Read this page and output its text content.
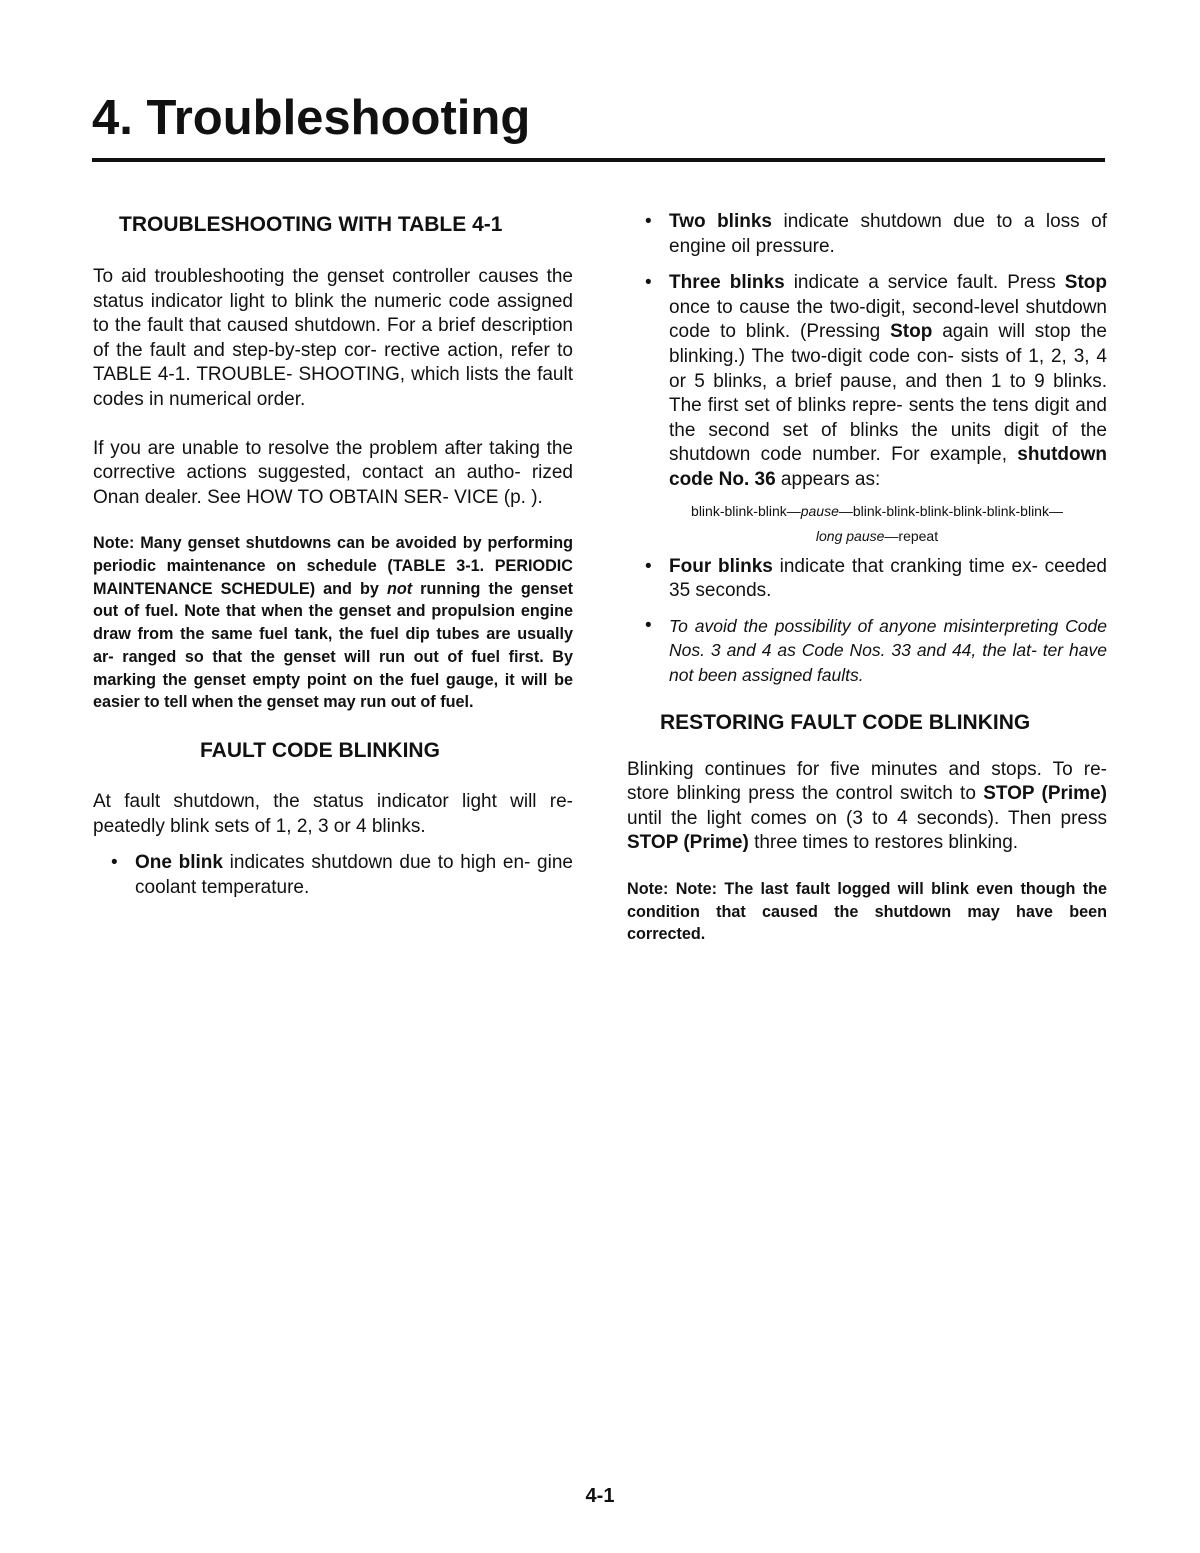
4. Troubleshooting
TROUBLESHOOTING WITH TABLE 4-1

To aid troubleshooting the genset controller causes the status indicator light to blink the numeric code assigned to the fault that caused shutdown. For a brief description of the fault and step-by-step cor- rective action, refer to TABLE 4-1. TROUBLE- SHOOTING, which lists the fault codes in numerical order.

If you are unable to resolve the problem after taking the corrective actions suggested, contact an autho- rized Onan dealer. See HOW TO OBTAIN SER- VICE (p. ).

Note: Many genset shutdowns can be avoided by performing periodic maintenance on schedule (TABLE 3-1. PERIODIC MAINTENANCE SCHEDULE) and by not running the genset out of fuel. Note that when the genset and propulsion engine draw from the same fuel tank, the fuel dip tubes are usually ar- ranged so that the genset will run out of fuel first. By marking the genset empty point on the fuel gauge, it will be easier to tell when the genset may run out of fuel.

FAULT CODE BLINKING

At fault shutdown, the status indicator light will re- peatedly blink sets of 1, 2, 3 or 4 blinks.

• One blink indicates shutdown due to high en- gine coolant temperature.
• Two blinks indicate shutdown due to a loss of engine oil pressure.
• Three blinks indicate a service fault. Press Stop once to cause the two-digit, second-level shutdown code to blink. (Pressing Stop again will stop the blinking.) The two-digit code con- sists of 1, 2, 3, 4 or 5 blinks, a brief pause, and then 1 to 9 blinks. The first set of blinks repre- sents the tens digit and the second set of blinks the units digit of the shutdown code number. For example, shutdown code No. 36 appears as:

blink-blink-blink—pause—blink-blink-blink-blink-blink-blink—
long pause—repeat

• Four blinks indicate that cranking time ex- ceeded 35 seconds.
• To avoid the possibility of anyone misinterpreting Code Nos. 3 and 4 as Code Nos. 33 and 44, the lat- ter have not been assigned faults.
RESTORING FAULT CODE BLINKING

Blinking continues for five minutes and stops. To re- store blinking press the control switch to STOP (Prime) until the light comes on (3 to 4 seconds). Then press STOP (Prime) three times to restores blinking.

Note: Note: The last fault logged will blink even though the condition that caused the shutdown may have been corrected.

4-1
